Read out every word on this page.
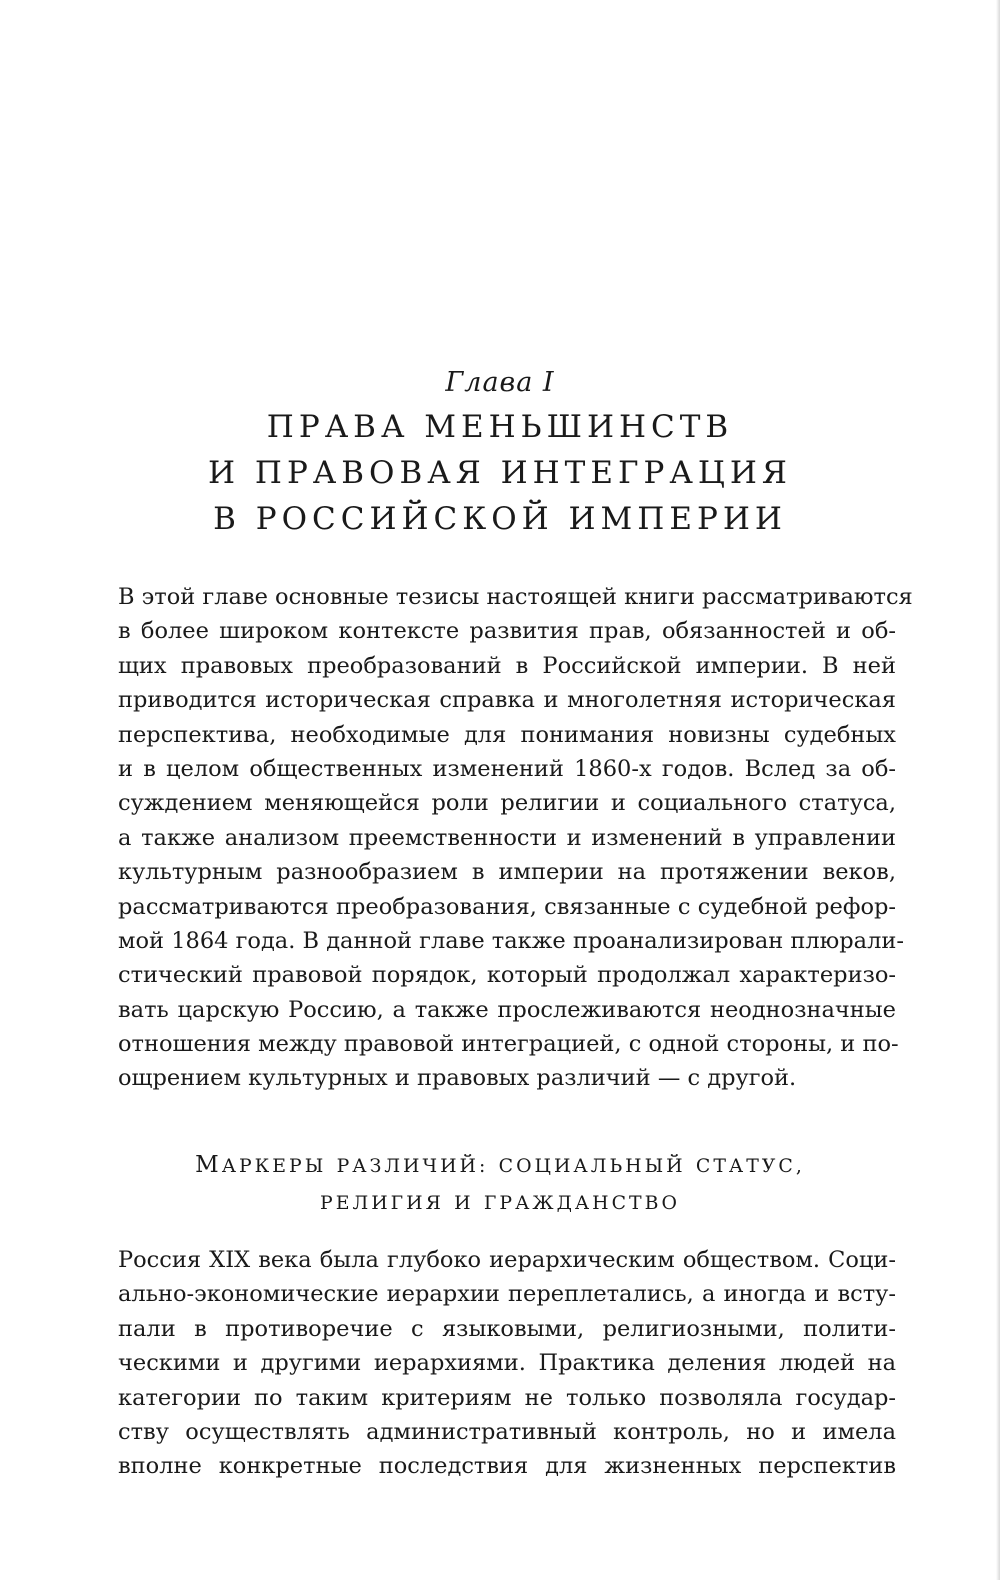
Глава I
ПРАВА МЕНЬШИНСТВ
И ПРАВОВАЯ ИНТЕГРАЦИЯ
В РОССИЙСКОЙ ИМПЕРИИ
В этой главе основные тезисы настоящей книги рассматриваются
в более широком контексте развития прав, обязанностей и об-
щих правовых преобразований в Российской империи. В ней
приводится историческая справка и многолетняя историческая
перспектива, необходимые для понимания новизны судебных
и в целом общественных изменений 1860-х годов. Вслед за об-
суждением меняющейся роли религии и социального статуса,
а также анализом преемственности и изменений в управлении
культурным разнообразием в империи на протяжении веков,
рассматриваются преобразования, связанные с судебной рефор-
мой 1864 года. В данной главе также проанализирован плюрали-
стический правовой порядок, который продолжал характеризо-
вать царскую Россию, а также прослеживаются неоднозначные
отношения между правовой интеграцией, с одной стороны, и по-
ощрением культурных и правовых различий — с другой.
МАРКЕРЫ РАЗЛИЧИЙ: СОЦИАЛЬНЫЙ СТАТУС,
РЕЛИГИЯ И ГРАЖДАНСТВО
Россия XIX века была глубоко иерархическим обществом. Соци-
ально-экономические иерархии переплетались, а иногда и всту-
пали в противоречие с языковыми, религиозными, полити-
ческими и другими иерархиями. Практика деления людей на
категории по таким критериям не только позволяла государ-
ству осуществлять административный контроль, но и имела
вполне конкретные последствия для жизненных перспектив
